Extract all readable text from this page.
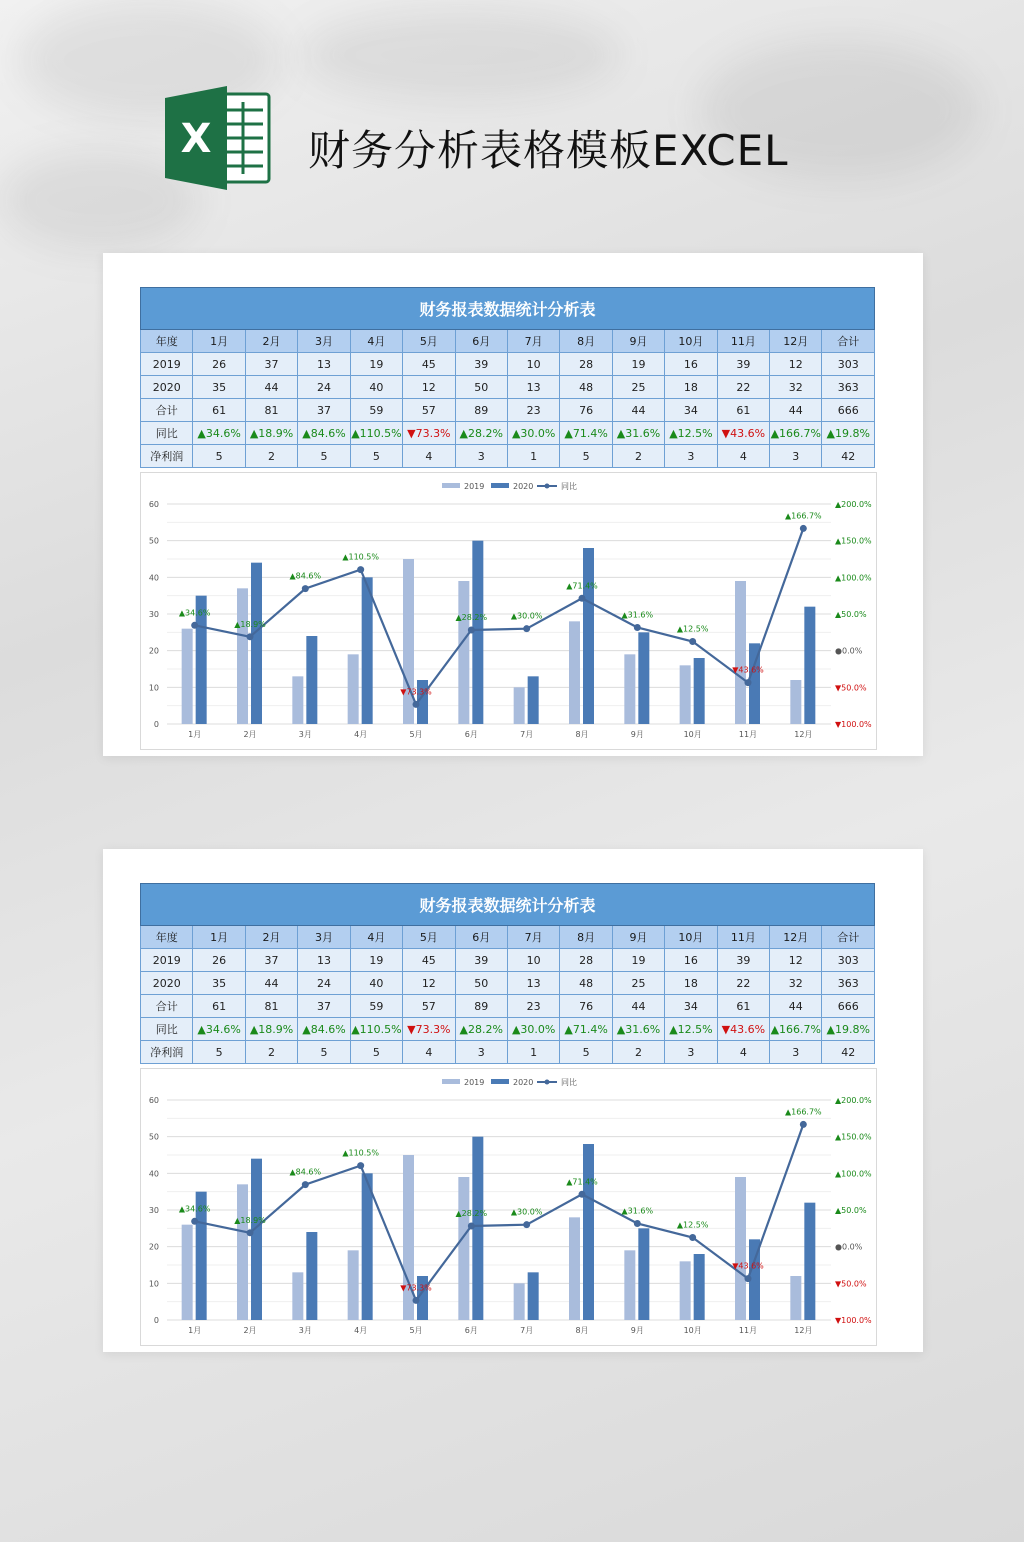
X 财务分析表格模板EXCEL
财务报表数据统计分析表													
年度	1月	2月	3月	4月	5月	6月	7月	8月	9月	10月	11月	12月	合计
2019	26	37	13	19	45	39	10	28	19	16	39	12	303
2020	35	44	24	40	12	50	13	48	25	18	22	32	363
合计	61	81	37	59	57	89	23	76	44	34	61	44	666
同比	▲34.6%	▲18.9%	▲84.6%	▲110.5%	▼73.3%	▲28.2%	▲30.0%	▲71.4%	▲31.6%	▲12.5%	▼43.6%	▲166.7%	▲19.8%
净利润	5	2	5	5	4	3	1	5	2	3	4	3	42
0
10
20
30
40
50
60
▼100.0%
▼50.0%
●0.0%
▲50.0%
▲100.0%
▲150.0%
▲200.0%
1月	2月	3月	4月	5月	6月	7月	8月	9月	10月	11月	12月
▲34.6%
▲18.9%
▲84.6%
▲110.5%
▼73.3%
▲28.2%	▲30.0%
▲71.4%
▲31.6%
▲12.5%
▼43.6%
▲166.7%
2019	2020	同比
财务报表数据统计分析表													
年度	1月	2月	3月	4月	5月	6月	7月	8月	9月	10月	11月	12月	合计
2019	26	37	13	19	45	39	10	28	19	16	39	12	303
2020	35	44	24	40	12	50	13	48	25	18	22	32	363
合计	61	81	37	59	57	89	23	76	44	34	61	44	666
同比	▲34.6%	▲18.9%	▲84.6%	▲110.5%	▼73.3%	▲28.2%	▲30.0%	▲71.4%	▲31.6%	▲12.5%	▼43.6%	▲166.7%	▲19.8%
净利润	5	2	5	5	4	3	1	5	2	3	4	3	42
0
10
20
30
40
50
60
▼100.0%
▼50.0%
●0.0%
▲50.0%
▲100.0%
▲150.0%
▲200.0%
1月	2月	3月	4月	5月	6月	7月	8月	9月	10月	11月	12月
▲34.6%
▲18.9%
▲84.6%
▲110.5%
▼73.3%
▲28.2%	▲30.0%
▲71.4%
▲31.6%
▲12.5%
▼43.6%
▲166.7%
2019	2020	同比
